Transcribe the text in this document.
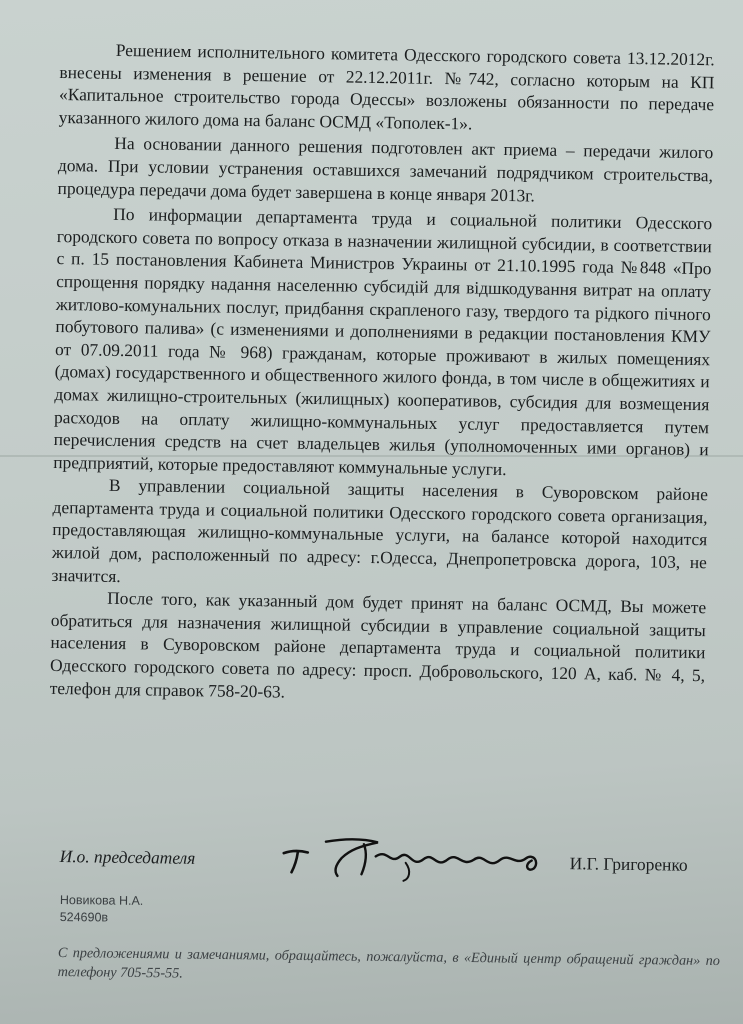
Решением исполнительного комитета Одесского городского совета 13.12.2012г. внесены изменения в решение от 22.12.2011г. №742, согласно которым на КП «Капитальное строительство города Одессы» возложены обязанности по передаче указанного жилого дома на баланс ОСМД «Тополек-1».

На основании данного решения подготовлен акт приема – передачи жилого дома. При условии устранения оставшихся замечаний подрядчиком строительства, процедура передачи дома будет завершена в конце января 2013г.

По информации департамента труда и социальной политики Одесского городского совета по вопросу отказа в назначении жилищной субсидии, в соответствии с п. 15 постановления Кабинета Министров Украины от 21.10.1995 года №848 «Про спрощення порядку надання населенню субсидій для відшкодування витрат на оплату житлово-комунальних послуг, придбання скрапленого газу, твердого та рідкого пічного побутового палива» (с изменениями и дополнениями в редакции постановления КМУ от 07.09.2011 года № 968) гражданам, которые проживают в жилых помещениях (домах) государственного и общественного жилого фонда, в том числе в общежитиях и домах жилищно-строительных (жилищных) кооперативов, субсидия для возмещения расходов на оплату жилищно-коммунальных услуг предоставляется путем перечисления средств на счет владельцев жилья (уполномоченных ими органов) и предприятий, которые предоставляют коммунальные услуги.

В управлении социальной защиты населения в Суворовском районе департамента труда и социальной политики Одесского городского совета организация, предоставляющая жилищно-коммунальные услуги, на балансе которой находится жилой дом, расположенный по адресу: г.Одесса, Днепропетровска дорога, 103, не значится.

После того, как указанный дом будет принят на баланс ОСМД, Вы можете обратиться для назначения жилищной субсидии в управление социальной защиты населения в Суворовском районе департамента труда и социальной политики Одесского городского совета по адресу: просп. Добровольского, 120 А, каб. № 4, 5, телефон для справок 758-20-63.

И.о. председателя	И.Г. Григоренко
Новикова Н.А.
524690в
С предложениями и замечаниями, обращайтесь, пожалуйста, в «Единый центр обращений граждан» по телефону 705-55-55.
